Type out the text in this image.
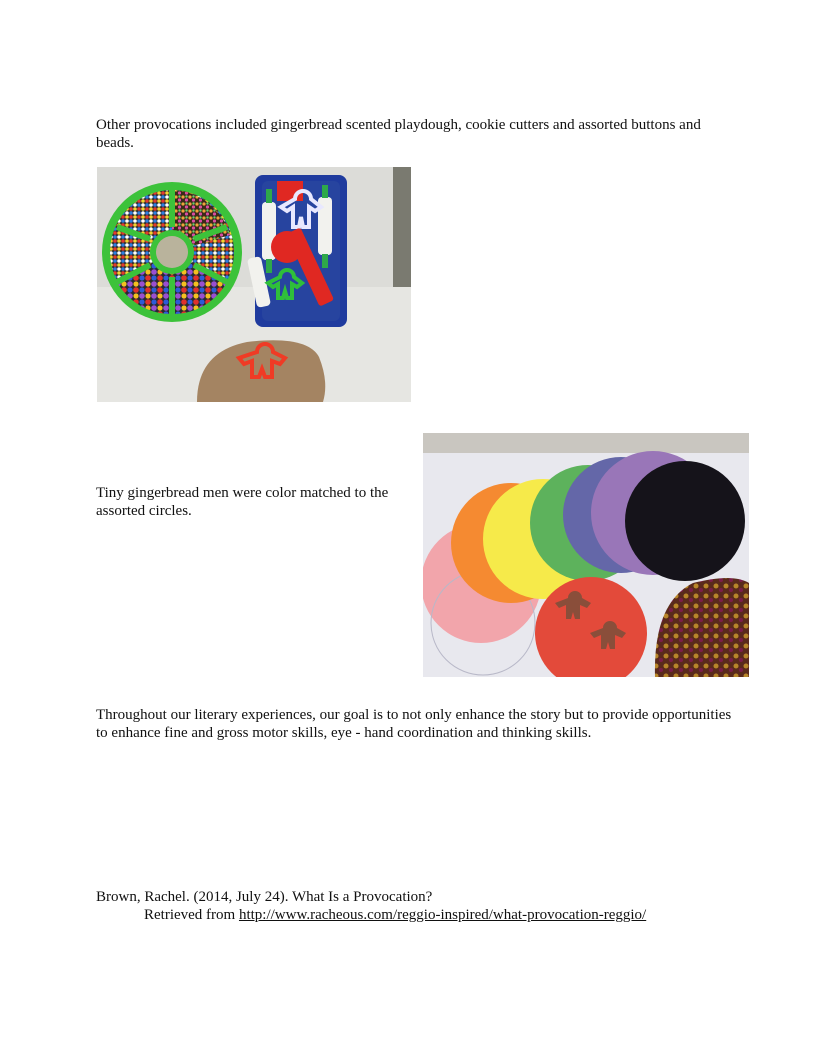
Other provocations included gingerbread scented playdough, cookie cutters and assorted buttons and beads.

Tiny gingerbread men were color matched to the assorted circles.

Throughout our literary experiences, our goal is to not only enhance the story but to provide opportunities to enhance fine and gross motor skills, eye - hand coordination and thinking skills.

Brown, Rachel. (2014, July 24). What Is a Provocation?

Retrieved from http://www.racheous.com/reggio-inspired/what-provocation-reggio/
